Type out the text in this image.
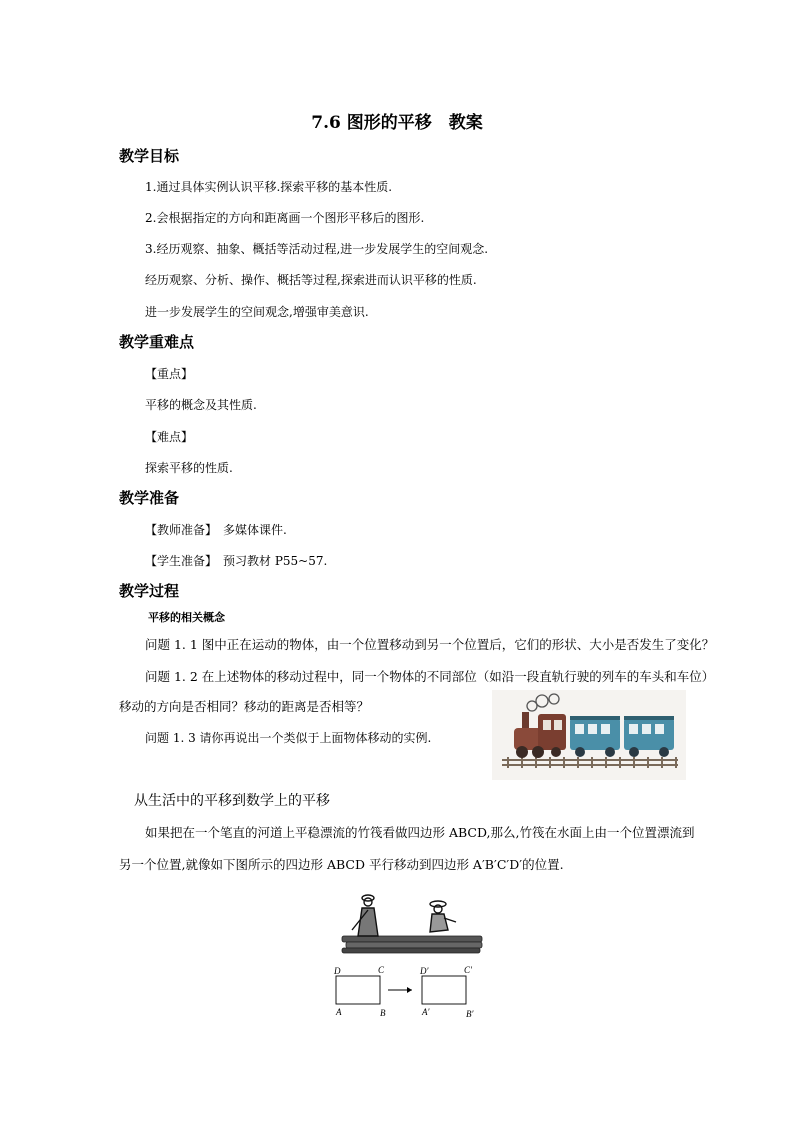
7.6 图形的平移　教案
教学目标
1.通过具体实例认识平移.探索平移的基本性质.
2.会根据指定的方向和距离画一个图形平移后的图形.
3.经历观察、抽象、概括等活动过程,进一步发展学生的空间观念.
经历观察、分析、操作、概括等过程,探索进而认识平移的性质.
进一步发展学生的空间观念,增强审美意识.
教学重难点
【重点】
平移的概念及其性质.
【难点】
探索平移的性质.
教学准备
【教师准备】　多媒体课件.
【学生准备】　预习教材 P55~57.
教学过程
平移的相关概念
问题 1. 1 图中正在运动的物体，由一个位置移动到另一个位置后，它们的形状、大小是否发生了变化？
问题 1. 2 在上述物体的移动过程中，同一个物体的不同部位（如沿一段直轨行驶的列车的车头和车位）
移动的方向是否相同？移动的距离是否相等？
问题 1. 3 请你再说出一个类似于上面物体移动的实例.
从生活中的平移到数学上的平移
如果把在一个笔直的河道上平稳漂流的竹筏看做四边形 ABCD,那么,竹筏在水面上由一个位置漂流到
另一个位置,就像如下图所示的四边形 ABCD 平行移动到四边形 A′B′C′D′的位置.
D	C
A	B
D′	C′
A′	B′
